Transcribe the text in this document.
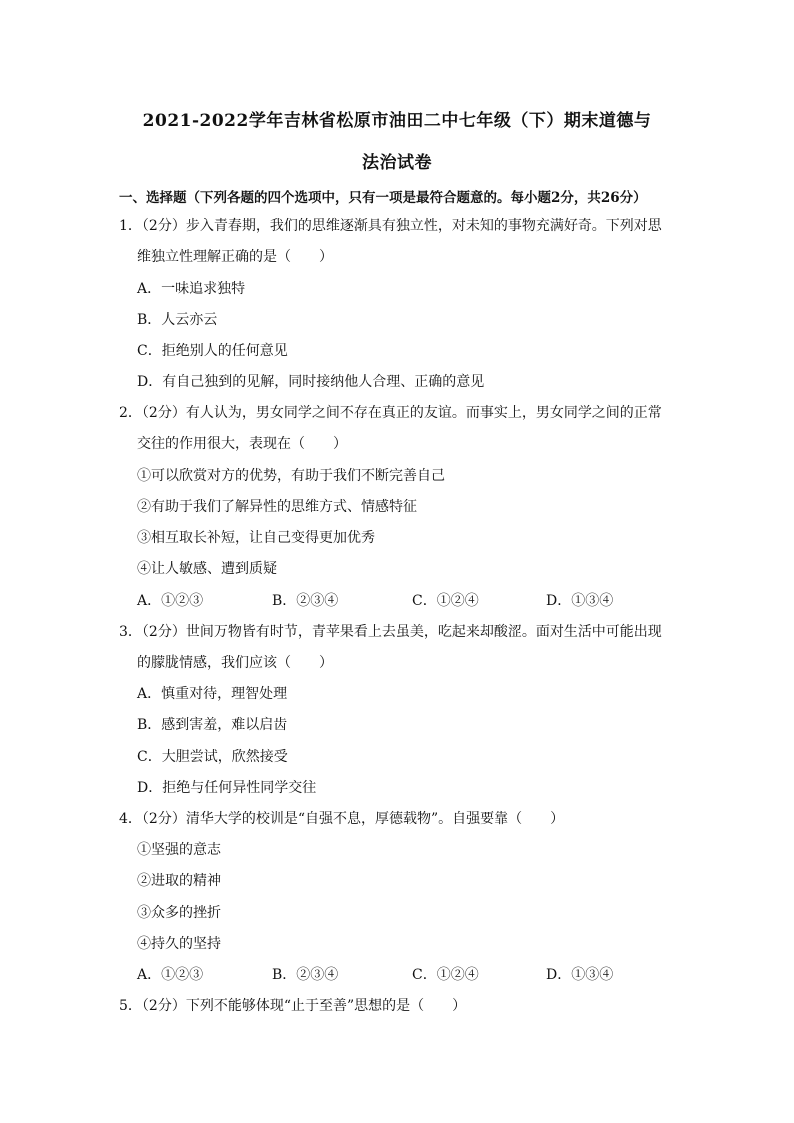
2021-2022学年吉林省松原市油田二中七年级（下）期末道德与
法治试卷
一、选择题（下列各题的四个选项中，只有一项是最符合题意的。每小题2分，共26分）
1．（2分）步入青春期，我们的思维逐渐具有独立性，对未知的事物充满好奇。下列对思
维独立性理解正确的是（　　）
A．一味追求独特
B．人云亦云
C．拒绝别人的任何意见
D．有自己独到的见解，同时接纳他人合理、正确的意见
2．（2分）有人认为，男女同学之间不存在真正的友谊。而事实上，男女同学之间的正常
交往的作用很大，表现在（　　）
①可以欣赏对方的优势，有助于我们不断完善自己
②有助于我们了解异性的思维方式、情感特征
③相互取长补短，让自己变得更加优秀
④让人敏感、遭到质疑
A．①②③	B．②③④	C．①②④	D．①③④
3．（2分）世间万物皆有时节，青苹果看上去虽美，吃起来却酸涩。面对生活中可能出现
的朦胧情感，我们应该（　　）
A．慎重对待，理智处理
B．感到害羞，难以启齿
C．大胆尝试，欣然接受
D．拒绝与任何异性同学交往
4．（2分）清华大学的校训是“自强不息，厚德载物”。自强要靠（　　）
①坚强的意志
②进取的精神
③众多的挫折
④持久的坚持
A．①②③	B．②③④	C．①②④	D．①③④
5．（2分）下列不能够体现“止于至善”思想的是（　　）
